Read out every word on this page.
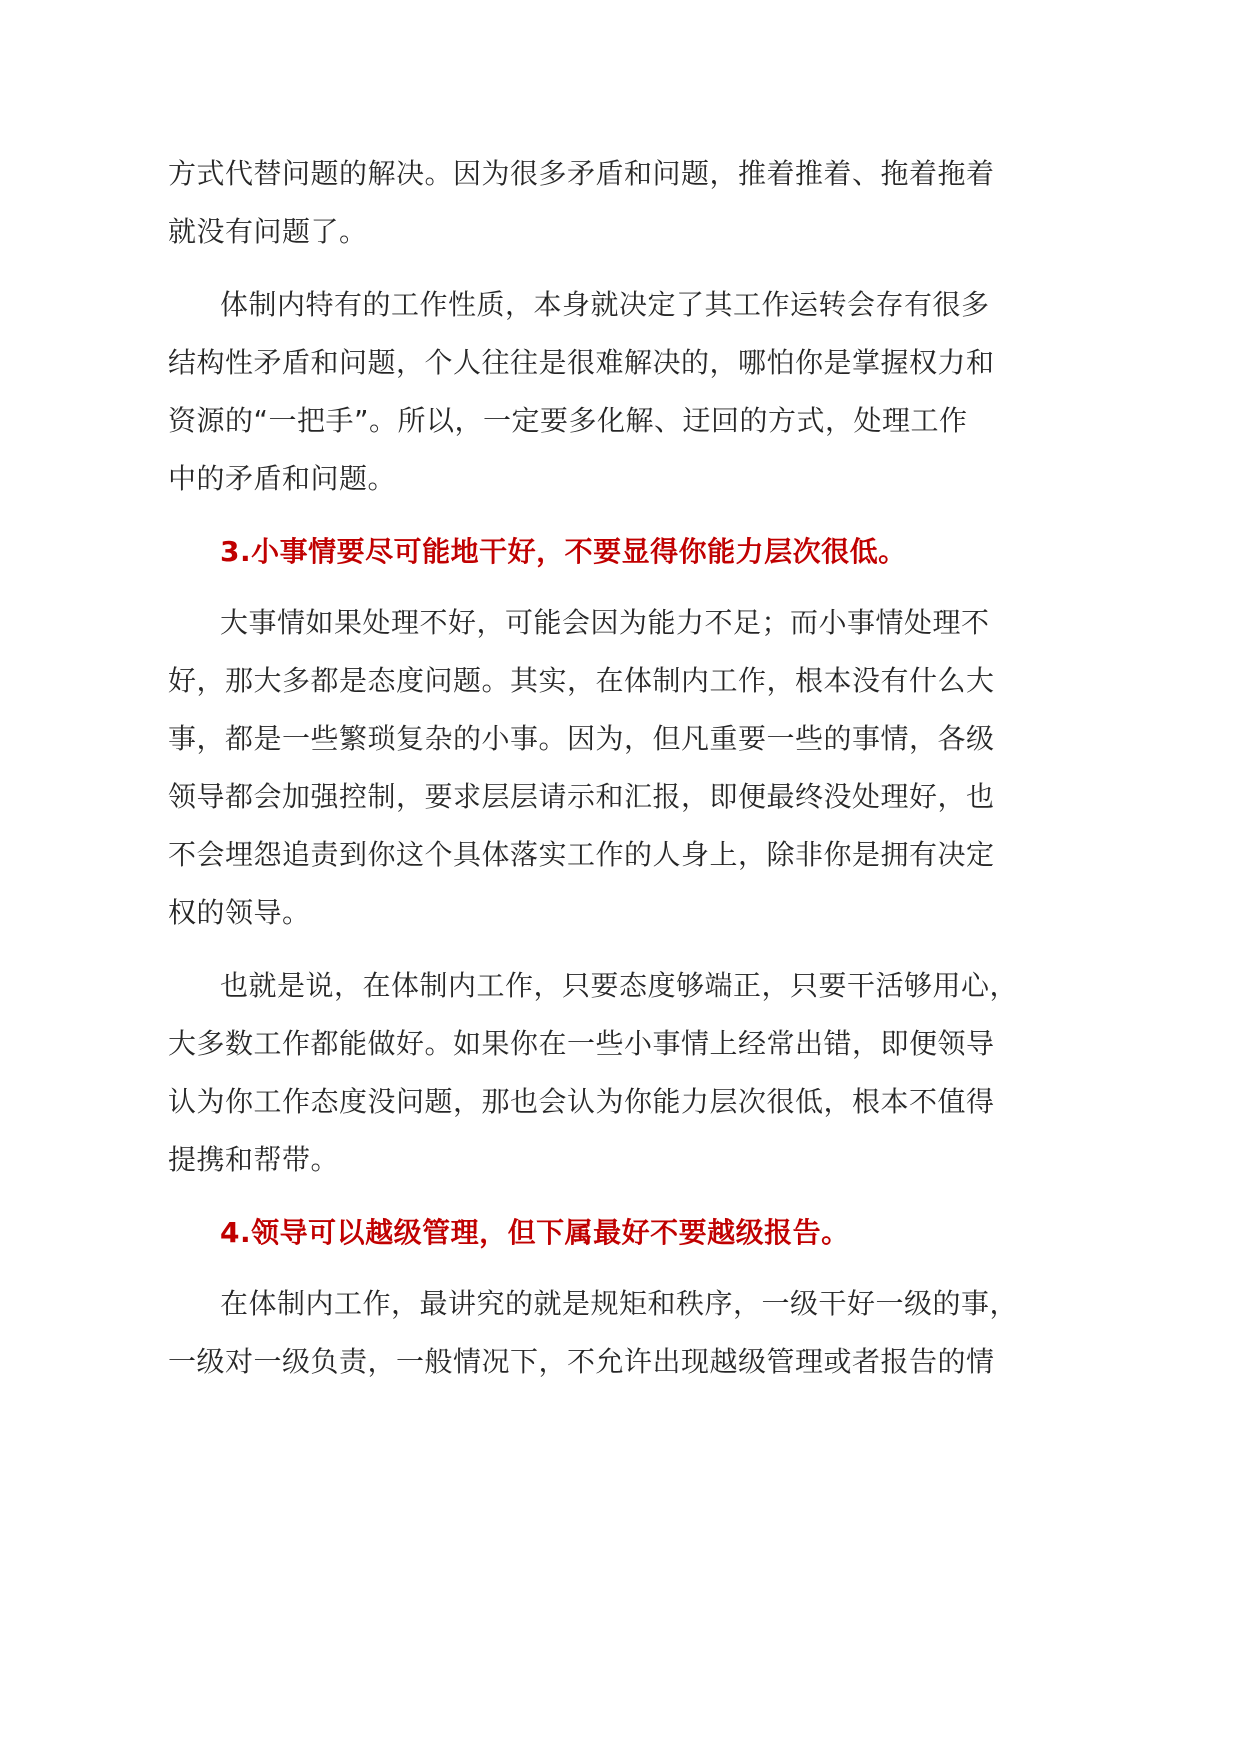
方式代替问题的解决。因为很多矛盾和问题，推着推着、拖着拖着

就没有问题了。

体制内特有的工作性质，本身就决定了其工作运转会存有很多

结构性矛盾和问题，个人往往是很难解决的，哪怕你是掌握权力和

资源的“一把手”。所以，一定要多化解、迂回的方式，处理工作

中的矛盾和问题。

3.小事情要尽可能地干好，不要显得你能力层次很低。

大事情如果处理不好，可能会因为能力不足；而小事情处理不

好，那大多都是态度问题。其实，在体制内工作，根本没有什么大

事，都是一些繁琐复杂的小事。因为，但凡重要一些的事情，各级

领导都会加强控制，要求层层请示和汇报，即便最终没处理好，也

不会埋怨追责到你这个具体落实工作的人身上，除非你是拥有决定

权的领导。

也就是说，在体制内工作，只要态度够端正，只要干活够用心，

大多数工作都能做好。如果你在一些小事情上经常出错，即便领导

认为你工作态度没问题，那也会认为你能力层次很低，根本不值得

提携和帮带。

4.领导可以越级管理，但下属最好不要越级报告。

在体制内工作，最讲究的就是规矩和秩序，一级干好一级的事，

一级对一级负责，一般情况下，不允许出现越级管理或者报告的情
